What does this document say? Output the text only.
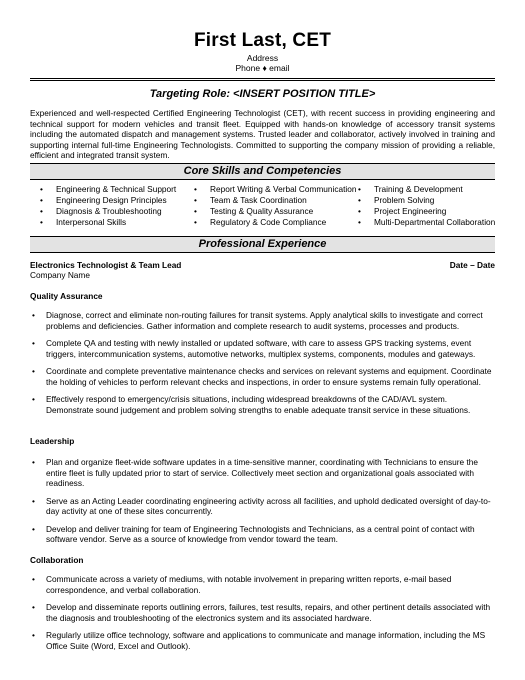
First Last, CET
Address
Phone ♦ email
Targeting Role: <INSERT POSITION TITLE>
Experienced and well-respected Certified Engineering Technologist (CET), with recent success in providing engineering and technical support for modern vehicles and transit fleet. Equipped with hands-on knowledge of accessory transit systems including the automated dispatch and management systems. Trusted leader and collaborator, actively involved in training and supporting internal full-time Engineering Technologists. Committed to supporting the company mission of providing a reliable, efficient and integrated transit system.
Core Skills and Competencies
• Engineering & Technical Support
• Engineering Design Principles
• Diagnosis & Troubleshooting
• Interpersonal Skills
• Report Writing & Verbal Communication
• Team & Task Coordination
• Testing & Quality Assurance
• Regulatory & Code Compliance
• Training & Development
• Problem Solving
• Project Engineering
• Multi-Departmental Collaboration
Professional Experience
Electronics Technologist & Team Lead	Date – Date
Company Name
Quality Assurance
• Diagnose, correct and eliminate non-routing failures for transit systems. Apply analytical skills to investigate and correct problems and deficiencies. Gather information and complete research to audit systems, processes and products.
• Complete QA and testing with newly installed or updated software, with care to assess GPS tracking systems, event triggers, intercommunication systems, automotive networks, multiplex systems, components, modules and gateways.
• Coordinate and complete preventative maintenance checks and services on relevant systems and equipment. Coordinate the holding of vehicles to perform relevant checks and inspections, in order to ensure systems remain fully operational.
• Effectively respond to emergency/crisis situations, including widespread breakdowns of the CAD/AVL system. Demonstrate sound judgement and problem solving strengths to enable adequate transit service in these situations.
Leadership
• Plan and organize fleet-wide software updates in a time-sensitive manner, coordinating with Technicians to ensure the entire fleet is fully updated prior to start of service. Collectively meet section and organizational goals associated with readiness.
• Serve as an Acting Leader coordinating engineering activity across all facilities, and uphold dedicated oversight of day-to-day activity at one of these sites concurrently.
• Develop and deliver training for team of Engineering Technologists and Technicians, as a central point of contact with software vendor. Serve as a source of knowledge from vendor toward the team.
Collaboration
• Communicate across a variety of mediums, with notable involvement in preparing written reports, e-mail based correspondence, and verbal collaboration.
• Develop and disseminate reports outlining errors, failures, test results, repairs, and other pertinent details associated with the diagnosis and troubleshooting of the electronics system and its associated hardware.
• Regularly utilize office technology, software and applications to communicate and manage information, including the MS Office Suite (Word, Excel and Outlook).
